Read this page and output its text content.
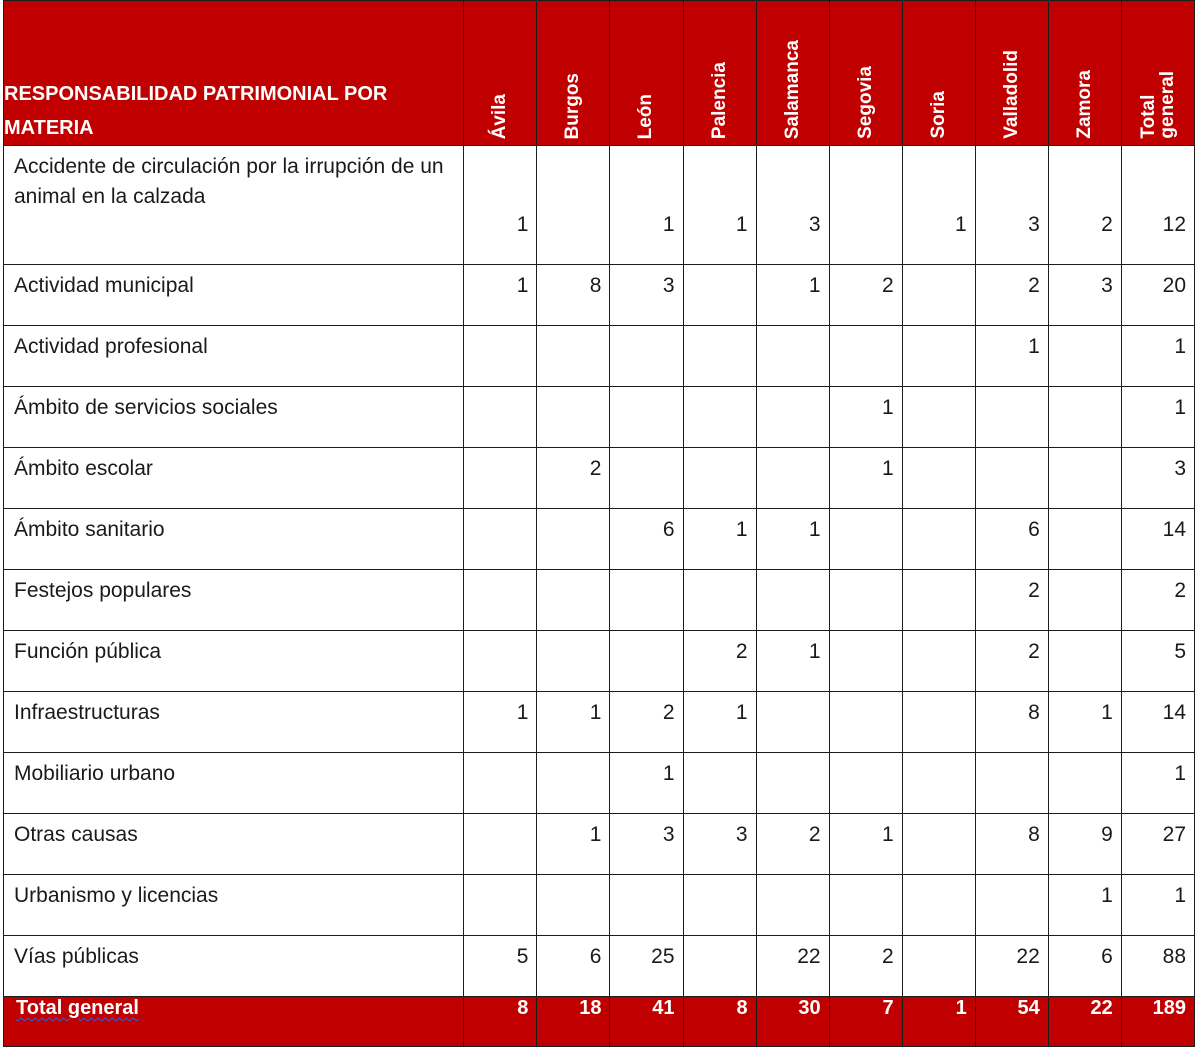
RESPONSABILIDAD PATRIMONIAL POR MATERIA	Ávila	Burgos	León	Palencia	Salamanca	Segovia	Soria	Valladolid	Zamora	Total
general

Accidente de circulación por la irrupción de un animal en la calzada	1		1	1	3		1	3	2	12
Actividad municipal	1	8	3		1	2		2	3	20
Actividad profesional								1		1
Ámbito de servicios sociales						1				1
Ámbito escolar		2				1				3
Ámbito sanitario			6	1	1			6		14
Festejos populares								2		2
Función pública				2	1			2		5
Infraestructuras	1	1	2	1				8	1	14
Mobiliario urbano			1							1
Otras causas		1	3	3	2	1		8	9	27
Urbanismo y licencias									1	1
Vías públicas	5	6	25		22	2		22	6	88
Total general	8	18	41	8	30	7	1	54	22	189
